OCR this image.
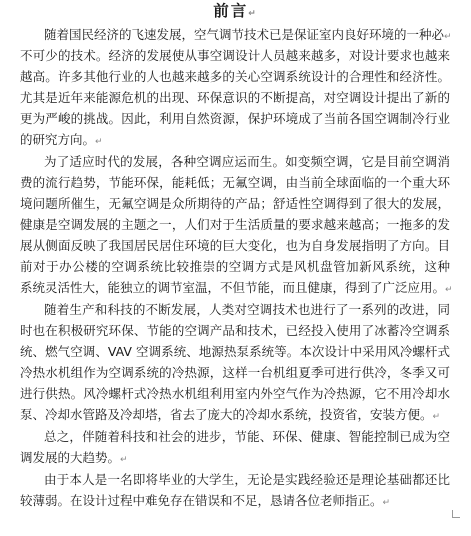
前言↵
随着国民经济的飞速发展，空气调节技术已是保证室内良好环境的一种必↵
不可少的技术。经济的发展使从事空调设计人员越来越多，对设计要求也越来
越高。许多其他行业的人也越来越多的关心空调系统设计的合理性和经济性。
尤其是近年来能源危机的出现、环保意识的不断提高，对空调设计提出了新的
更为严峻的挑战。因此，利用自然资源，保护环境成了当前各国空调制冷行业
的研究方向。↵
为了适应时代的发展，各种空调应运而生。如变频空调，它是目前空调消
费的流行趋势，节能环保，能耗低；无氟空调，由当前全球面临的一个重大环
境问题所催生，无氟空调是众所期待的产品；舒适性空调得到了很大的发展，
健康是空调发展的主题之一，人们对于生活质量的要求越来越高；一拖多的发
展从侧面反映了我国居民居住环境的巨大变化，也为自身发展指明了方向。目
前对于办公楼的空调系统比较推崇的空调方式是风机盘管加新风系统，这种
系统灵活性大，能独立的调节室温，不但节能，而且健康，得到了广泛应用。↵
随着生产和科技的不断发展，人类对空调技术也进行了一系列的改进，同
时也在积极研究环保、节能的空调产品和技术，已经投入使用了冰蓄冷空调系
统、燃气空调、VAV 空调系统、地源热泵系统等。本次设计中采用风冷螺杆式
冷热水机组作为空调系统的冷热源，这样一台机组夏季可进行供冷，冬季又可
进行供热。风冷螺杆式冷热水机组利用室内外空气作为冷热源，它不用冷却水
泵、冷却水管路及冷却塔，省去了庞大的冷却水系统，投资省，安装方便。↵
总之，伴随着科技和社会的进步，节能、环保、健康、智能控制已成为空
调发展的大趋势。↵
由于本人是一名即将毕业的大学生，无论是实践经验还是理论基础都还比
较薄弱。在设计过程中难免存在错误和不足，恳请各位老师指正。↵
